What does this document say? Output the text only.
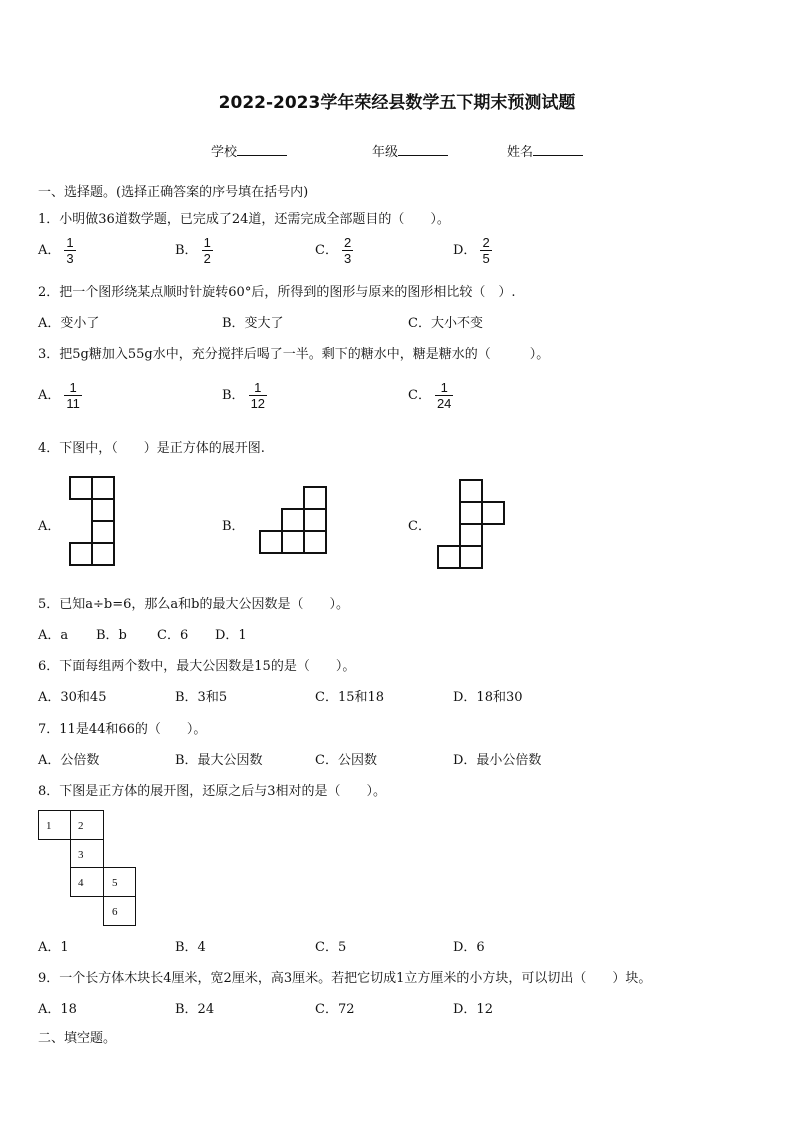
2022-2023学年荣经县数学五下期末预测试题
学校	年级	姓名
一、选择题。(选择正确答案的序号填在括号内)
1．小明做36道数学题，已完成了24道，还需完成全部题目的（　　）。
A． $\frac{1}{3}$	B． $\frac{1}{2}$	C． $\frac{2}{3}$	D． $\frac{2}{5}$
2．把一个图形绕某点顺时针旋转60°后，所得到的图形与原来的图形相比较（　）.
A．变小了	B．变大了	C．大小不变
3．把5g糖加入55g水中，充分搅拌后喝了一半。剩下的糖水中，糖是糖水的（　　　）。
A． $\frac{1}{11}$	B． $\frac{1}{12}$	C． $\frac{1}{24}$
4．下图中，（　　）是正方体的展开图.
A．	B．	C．
5．已知a÷b=6，那么a和b的最大公因数是（　　）。
A．a B．b C．6 D．1
6．下面每组两个数中，最大公因数是15的是（　　）。
A．30和45	B．3和5	C．15和18	D．18和30
7．11是44和66的（　　）。
A．公倍数	B．最大公因数	C．公因数	D．最小公倍数
8．下图是正方体的展开图，还原之后与3相对的是（　　）。
1 2
3
4	5
6
A．1	B．4	C．5	D．6
9．一个长方体木块长4厘米，宽2厘米，高3厘米。若把它切成1立方厘米的小方块，可以切出（　　）块。
A．18	B．24	C．72	D．12
二、填空题。
